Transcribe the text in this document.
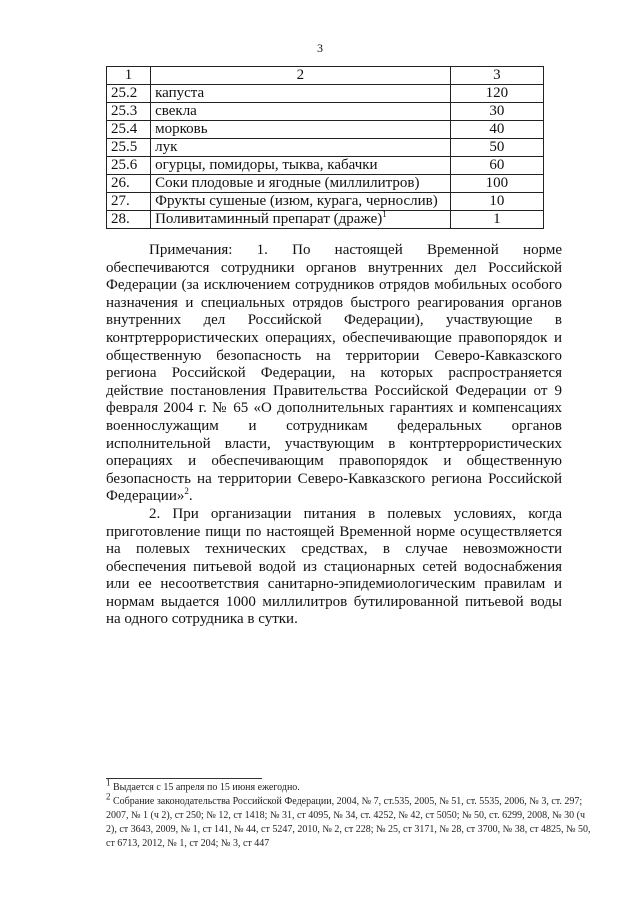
3
1	2	3
25.2	капуста	120
25.3	свекла	30
25.4	морковь	40
25.5	лук	50
25.6	огурцы, помидоры, тыква, кабачки	60
26.	Соки плодовые и ягодные (миллилитров)	100
27.	Фрукты сушеные (изюм, курага, чернослив)	10
28.	Поливитаминный препарат (драже)$^1$	1

Примечания: 1. По настоящей Временной норме обеспечиваются сотрудники органов внутренних дел Российской Федерации (за исключением сотрудников отрядов мобильных особого назначения и специальных отрядов быстрого реагирования органов внутренних дел Российской Федерации), участвующие в контртеррористических операциях, обеспечивающие правопорядок и общественную безопасность на территории Северо-Кавказского региона Российской Федерации, на которых распространяется действие постановления Правительства Российской Федерации от 9 февраля 2004 г. № 65 «О дополнительных гарантиях и компенсациях военнослужащим и сотрудникам федеральных органов исполнительной власти, участвующим в контртеррористических операциях и обеспечивающим правопорядок и общественную безопасность на территории Северо-Кавказского региона Российской Федерации»$^2$.

2. При организации питания в полевых условиях, когда приготовление пищи по настоящей Временной норме осуществляется на полевых технических средствах, в случае невозможности обеспечения питьевой водой из стационарных сетей водоснабжения или ее несоответствия санитарно-эпидемиологическим правилам и нормам выдается 1000 миллилитров бутилированной питьевой воды на одного сотрудника в сутки.

$^1$ Выдается с 15 апреля по 15 июня ежегодно.

$^2$ Собрание законодательства Российской Федерации, 2004, № 7, ст.535, 2005, № 51, ст. 5535, 2006, № 3, ст. 297; 2007, № 1 (ч 2), ст 250; № 12, ст 1418; № 31, ст 4095, № 34, ст. 4252, № 42, ст 5050; № 50, ст. 6299, 2008, № 30 (ч 2), ст 3643, 2009, № 1, ст 141, № 44, ст 5247, 2010, № 2, ст 228; № 25, ст 3171, № 28, ст 3700, № 38, ст 4825, № 50, ст 6713, 2012, № 1, ст 204; № 3, ст 447
